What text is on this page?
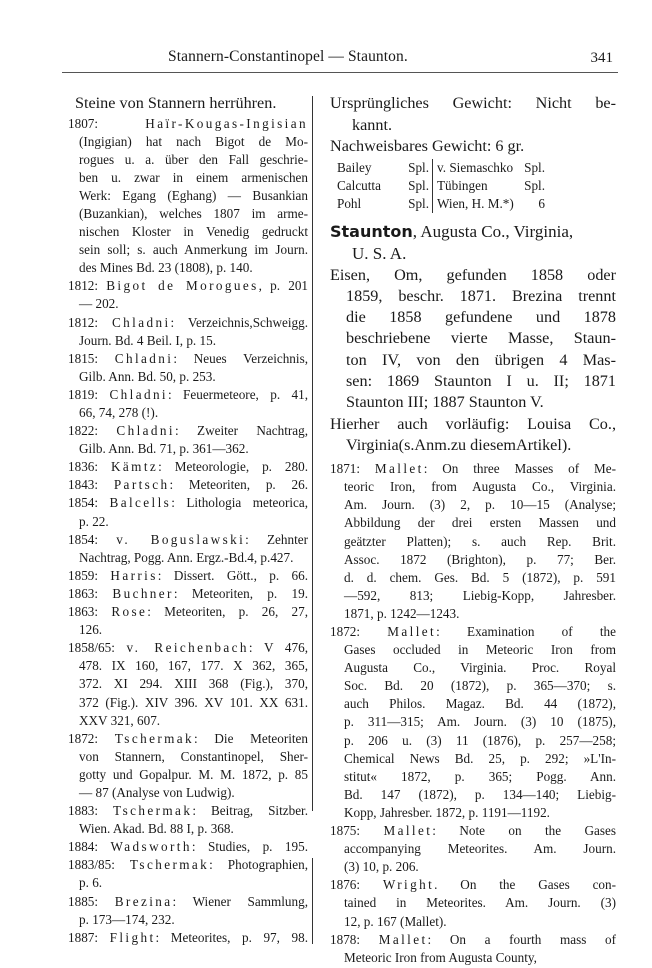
Stannern-Constantinopel — Staunton.	341
Steine von Stannern herrühren.
1807:	Haïr-Kougas-Ingisian
(Ingigian) hat nach Bigot de Mo-
rogues u. a. über den Fall geschrie-
ben u. zwar in einem armenischen
Werk: Egang (Eghang) — Busankian
(Buzankian), welches 1807 im arme-
nischen Kloster in Venedig gedruckt
sein soll; s. auch Anmerkung im Journ.
des Mines Bd. 23 (1808), p. 140.
1812: Bigot de Morogues, p. 201
— 202.
1812: Chladni: Verzeichnis,Schweigg.
Journ. Bd. 4 Beil. I, p. 15.
1815: Chladni: Neues Verzeichnis,
Gilb. Ann. Bd. 50, p. 253.
1819: Chladni: Feuermeteore, p. 41,
66, 74, 278 (!).
1822: Chladni: Zweiter Nachtrag,
Gilb. Ann. Bd. 71, p. 361—362.
1836: Kämtz: Meteorologie, p. 280.
1843: Partsch: Meteoriten, p. 26.
1854: Balcells: Lithologia meteorica,
p. 22.
1854: v. Boguslawski: Zehnter
Nachtrag, Pogg. Ann. Ergz.-Bd.4, p.427.
1859: Harris: Dissert. Gött., p. 66.
1863: Buchner: Meteoriten, p. 19.
1863: Rose: Meteoriten, p. 26, 27,
126.
1858/65: v. Reichenbach: V 476,
478. IX 160, 167, 177. X 362, 365,
372. XI 294. XIII 368 (Fig.), 370,
372 (Fig.). XIV 396. XV 101. XX 631.
XXV 321, 607.
1872: Tschermak: Die Meteoriten
von Stannern, Constantinopel, Sher-
gotty und Gopalpur. M. M. 1872, p. 85
— 87 (Analyse von Ludwig).
1883: Tschermak: Beitrag, Sitzber.
Wien. Akad. Bd. 88 I, p. 368.
1884: Wadsworth: Studies, p. 195.
1883/85: Tschermak: Photographien,
p. 6.
1885: Brezina: Wiener Sammlung,
p. 173—174, 232.
1887: Flight: Meteorites, p. 97, 98.
Ursprüngliches Gewicht: Nicht be-
kannt.
Nachweisbares Gewicht: 6 gr.
Bailey	Spl.	v. Siemaschko	Spl.
Calcutta	Spl.	Tübingen	Spl.
Pohl	Spl.	Wien, H. M.*)	6
Staunton, Augusta Co., Virginia,
U. S. A.
Eisen, Om, gefunden 1858 oder
1859, beschr. 1871. Brezina trennt
die 1858 gefundene und 1878
beschriebene vierte Masse, Staun-
ton IV, von den übrigen 4 Mas-
sen: 1869 Staunton I u. II; 1871
Staunton III; 1887 Staunton V.
Hierher auch vorläufig: Louisa Co.,
Virginia(s.Anm.zu diesemArtikel).
1871: Mallet: On three Masses of Me-
teoric Iron, from Augusta Co., Virginia.
Am. Journ. (3) 2, p. 10—15 (Analyse;
Abbildung der drei ersten Massen und
geätzter Platten); s. auch Rep. Brit.
Assoc. 1872 (Brighton), p. 77; Ber.
d. d. chem. Ges. Bd. 5 (1872), p. 591
—592, 813; Liebig-Kopp, Jahresber.
1871, p. 1242—1243.
1872: Mallet: Examination of the
Gases occluded in Meteoric Iron from
Augusta Co., Virginia. Proc. Royal
Soc. Bd. 20 (1872), p. 365—370; s.
auch Philos. Magaz. Bd. 44 (1872),
p. 311—315; Am. Journ. (3) 10 (1875),
p. 206 u. (3) 11 (1876), p. 257—258;
Chemical News Bd. 25, p. 292; »L'In-
stitut« 1872, p. 365; Pogg. Ann.
Bd. 147 (1872), p. 134—140; Liebig-
Kopp, Jahresber. 1872, p. 1191—1192.
1875: Mallet: Note on the Gases
accompanying Meteorites. Am. Journ.
(3) 10, p. 206.
1876: Wright. On the Gases con-
tained in Meteorites. Am. Journ. (3)
12, p. 167 (Mallet).
1878: Mallet: On a fourth mass of
Meteoric Iron from Augusta County,
